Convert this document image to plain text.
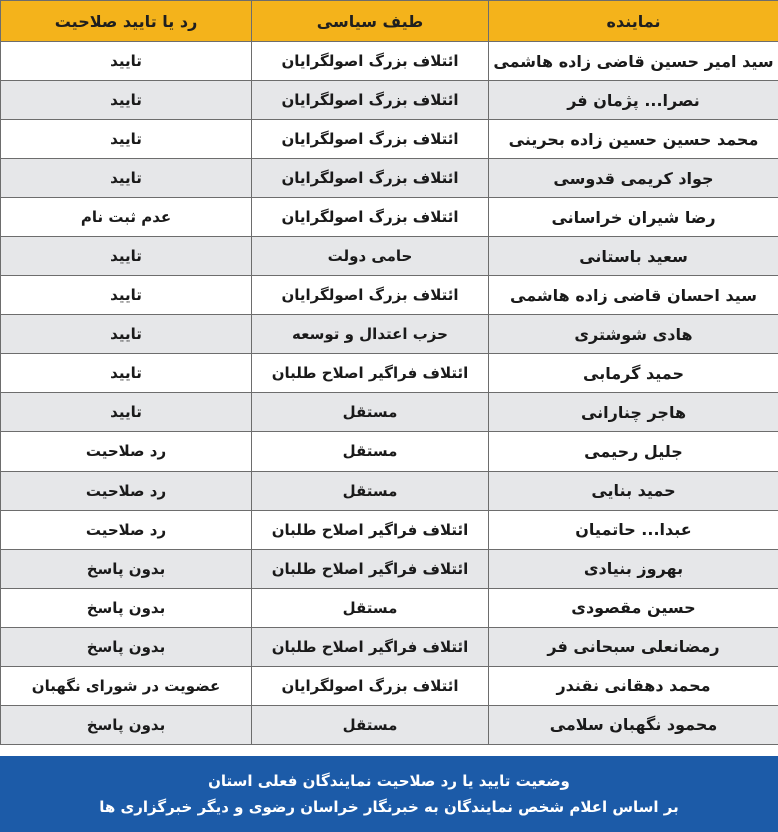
نماینده	طیف سیاسی	رد یا تایید صلاحیت
سید امیر حسین قاضی زاده هاشمی	ائتلاف بزرگ اصولگرایان	تایید
نصرا... پژمان فر	ائتلاف بزرگ اصولگرایان	تایید
محمد حسین حسین زاده بحرینی	ائتلاف بزرگ اصولگرایان	تایید
جواد کریمی قدوسی	ائتلاف بزرگ اصولگرایان	تایید
رضا شیران خراسانی	ائتلاف بزرگ اصولگرایان	عدم ثبت نام
سعید باستانی	حامی دولت	تایید
سید احسان قاضی زاده هاشمی	ائتلاف بزرگ اصولگرایان	تایید
هادی شوشتری	حزب اعتدال و توسعه	تایید
حمید گرمابی	ائتلاف فراگیر اصلاح طلبان	تایید
هاجر چنارانی	مستقل	تایید
جلیل رحیمی	مستقل	رد صلاحیت
حمید بنایی	مستقل	رد صلاحیت
عبدا... حاتمیان	ائتلاف فراگیر اصلاح طلبان	رد صلاحیت
بهروز بنیادی	ائتلاف فراگیر اصلاح طلبان	بدون پاسخ
حسین مقصودی	مستقل	بدون پاسخ
رمضانعلی سبحانی فر	ائتلاف فراگیر اصلاح طلبان	بدون پاسخ
محمد دهقانی نقندر	ائتلاف بزرگ اصولگرایان	عضویت در شورای نگهبان
محمود نگهبان سلامی	مستقل	بدون پاسخ
وضعیت تایید یا رد صلاحیت نمایندگان فعلی استان
بر اساس اعلام شخص نمایندگان به خبرنگار خراسان رضوی و دیگر خبرگزاری ها
